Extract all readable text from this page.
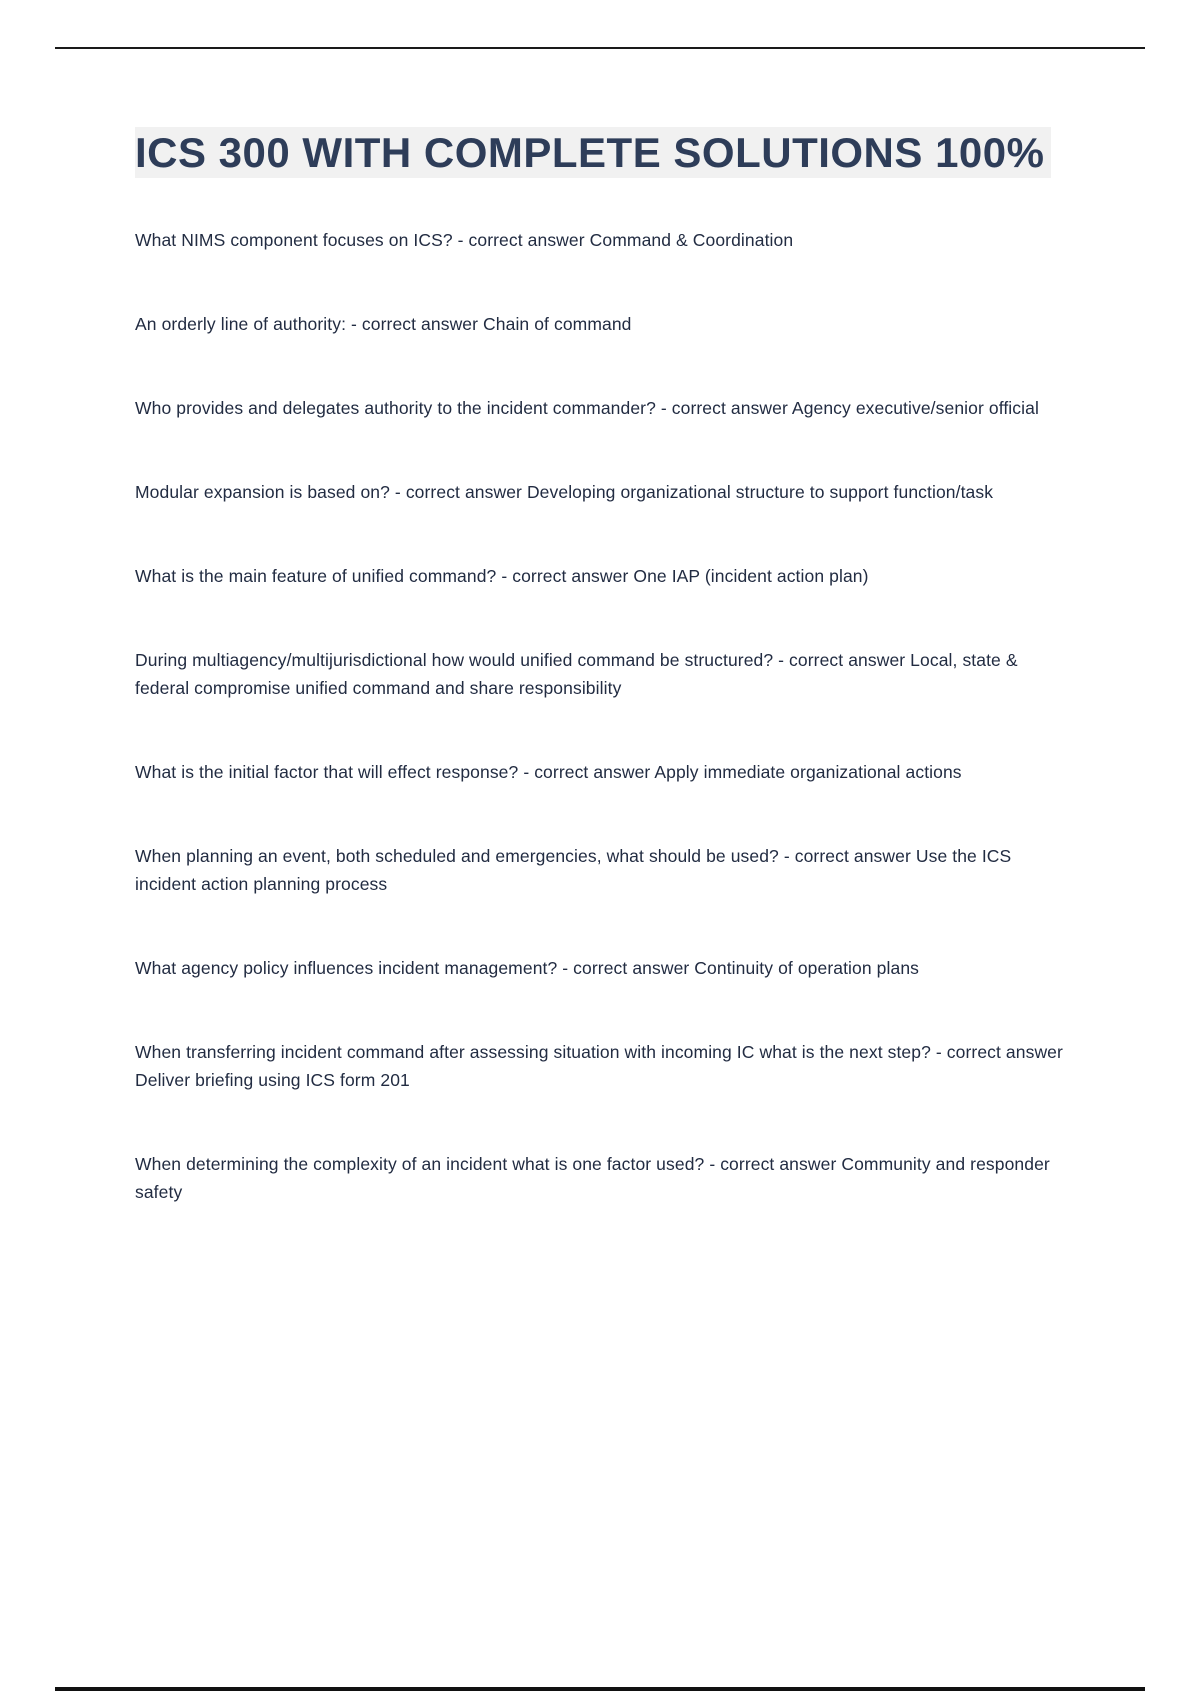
ICS 300 WITH COMPLETE SOLUTIONS 100%

What NIMS component focuses on ICS? - correct answer Command & Coordination

An orderly line of authority: - correct answer Chain of command

Who provides and delegates authority to the incident commander? - correct answer Agency executive/senior official

Modular expansion is based on? - correct answer Developing organizational structure to support function/task

What is the main feature of unified command? - correct answer One IAP (incident action plan)

During multiagency/multijurisdictional how would unified command be structured? - correct answer Local, state & federal compromise unified command and share responsibility

What is the initial factor that will effect response? - correct answer Apply immediate organizational actions

When planning an event, both scheduled and emergencies, what should be used? - correct answer Use the ICS incident action planning process

What agency policy influences incident management? - correct answer Continuity of operation plans

When transferring incident command after assessing situation with incoming IC what is the next step? - correct answer Deliver briefing using ICS form 201

When determining the complexity of an incident what is one factor used? - correct answer Community and responder safety
